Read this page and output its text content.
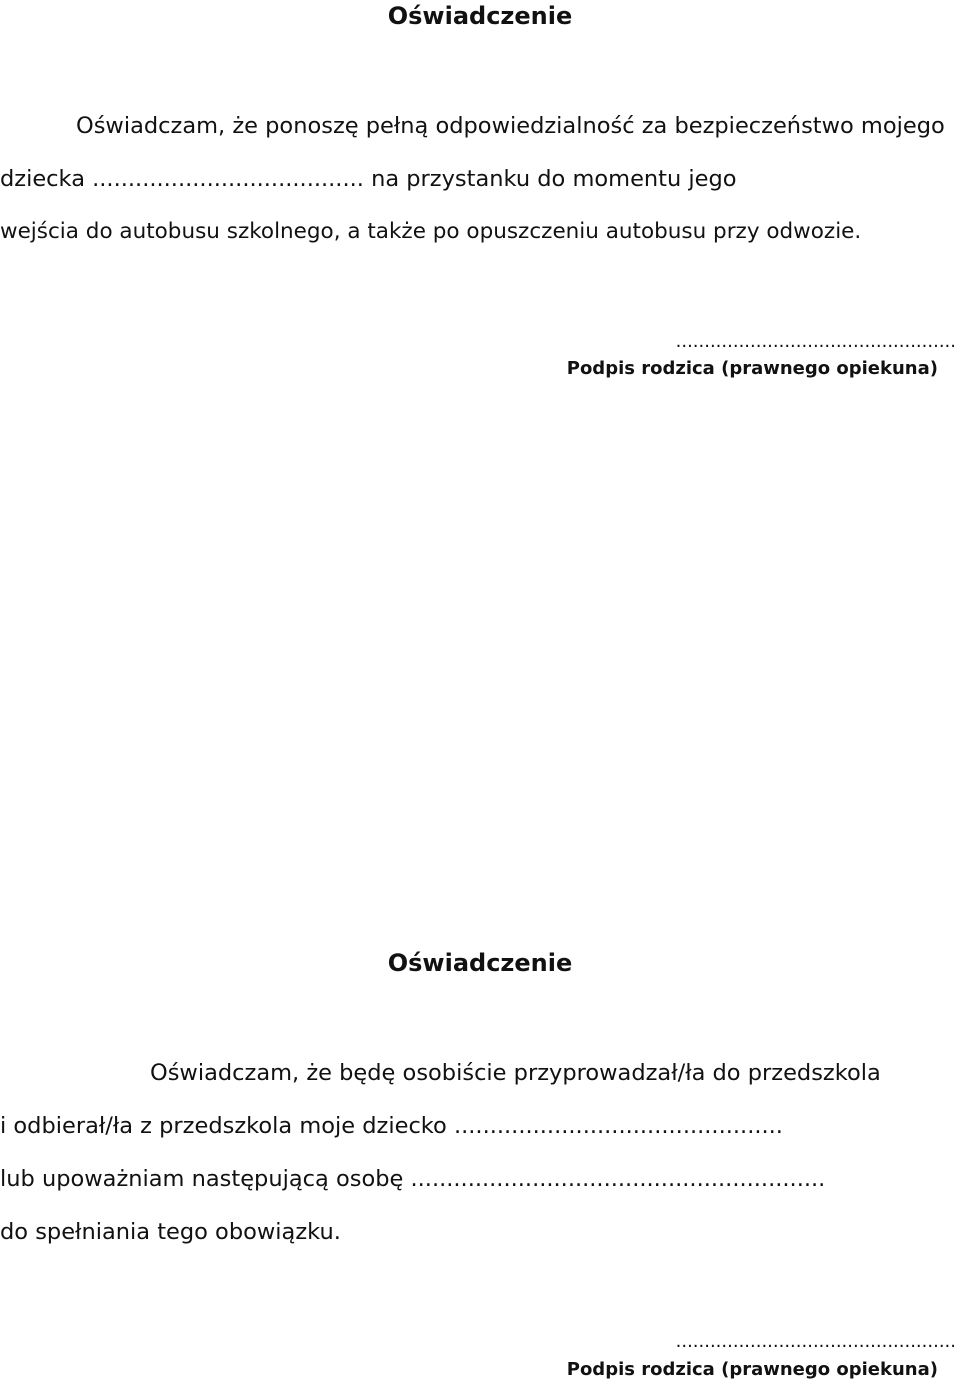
Oświadczenie
Oświadczam, że ponoszę pełną odpowiedzialność za bezpieczeństwo mojego
dziecka ...................................... na przystanku do momentu jego
wejścia do autobusu szkolnego, a także po opuszczeniu autobusu przy odwozie.
.................................................
Podpis rodzica (prawnego opiekuna)
Oświadczenie
Oświadczam, że będę osobiście przyprowadzał/ła do przedszkola
i odbierał/ła z przedszkola moje dziecko ..............................................
lub upoważniam następującą osobę ..........................................................
do spełniania tego obowiązku.
.................................................
Podpis rodzica (prawnego opiekuna)
